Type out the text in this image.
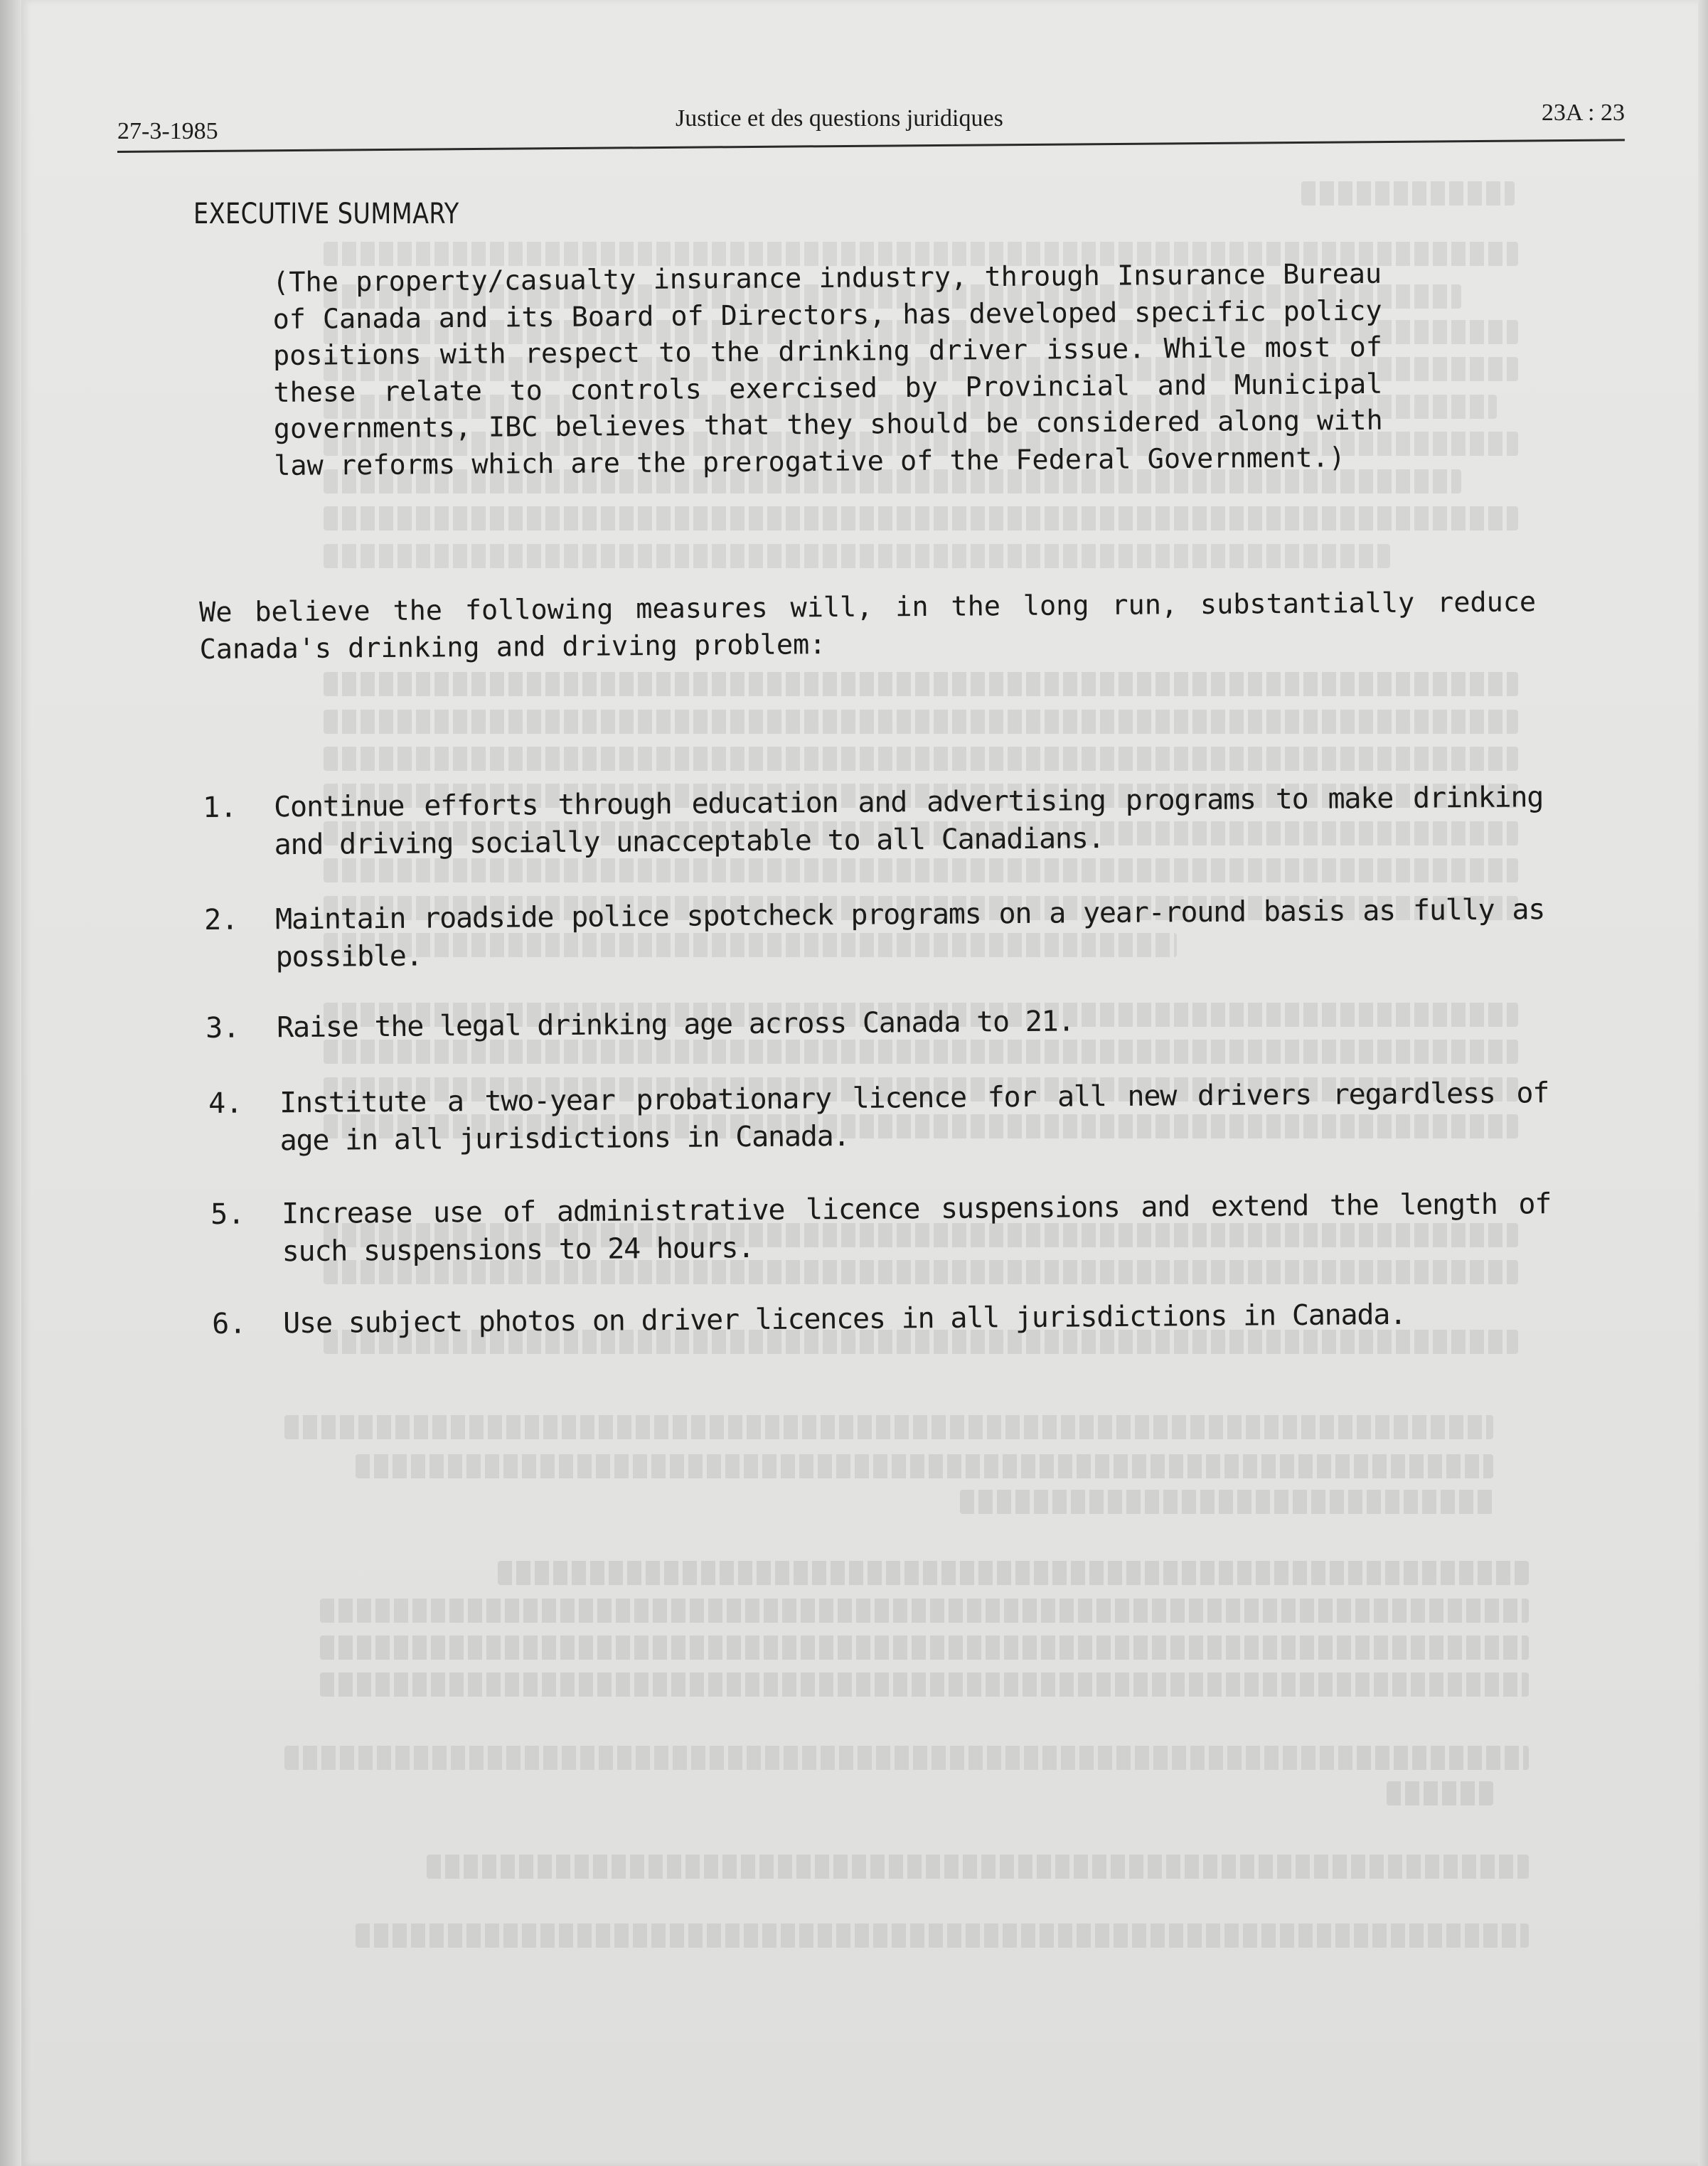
27-3-1985	Justice et des questions juridiques	23A : 23
EXECUTIVE SUMMARY
(The property/casualty insurance industry, through Insurance Bureau of Canada and its Board of Directors, has developed specific policy positions with respect to the drinking driver issue. While most of these relate to controls exercised by Provincial and Municipal governments, IBC believes that they should be considered along with law reforms which are the prerogative of the Federal Government.)
We believe the following measures will, in the long run, substantially reduce Canada's drinking and driving problem:
1.	Continue efforts through education and advertising programs to make drinking and driving socially unacceptable to all Canadians.
2.	Maintain roadside police spotcheck programs on a year-round basis as fully as possible.
3.	Raise the legal drinking age across Canada to 21.
4.	Institute a two-year probationary licence for all new drivers regardless of age in all jurisdictions in Canada.
5.	Increase use of administrative licence suspensions and extend the length of such suspensions to 24 hours.
6.	Use subject photos on driver licences in all jurisdictions in Canada.
